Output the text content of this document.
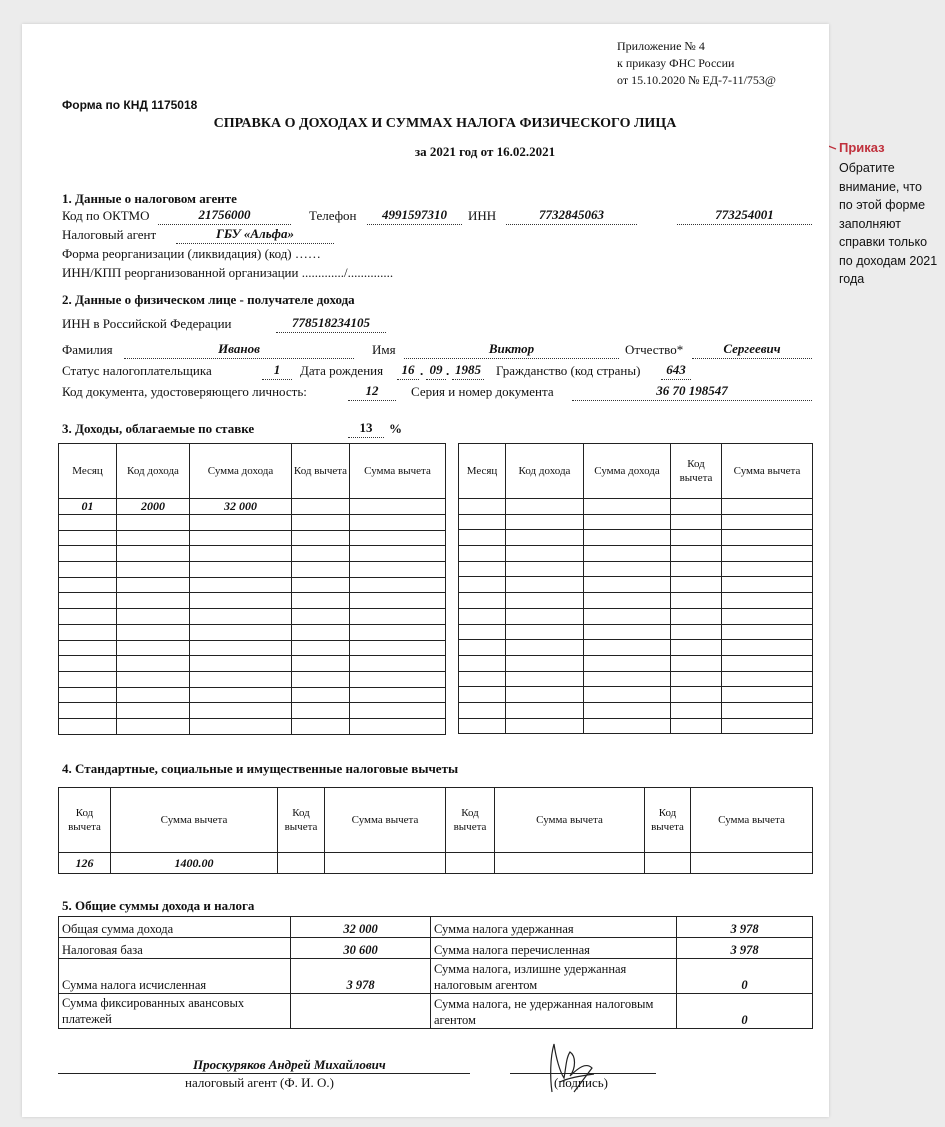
Приложение № 4
к приказу ФНС России
от 15.10.2020 № ЕД-7-11/753@
Форма по КНД 1175018
СПРАВКА О ДОХОДАХ И СУММАХ НАЛОГА ФИЗИЧЕСКОГО ЛИЦА
за 2021 год от 16.02.2021	Приказ
Обратите внимание, что по этой форме заполняют справки только по доходам 2021 года
1. Данные о налоговом агенте
Код по ОКТМО	21756000	Телефон	4991597310	ИНН	7732845063	773254001
Налоговый агент	ГБУ «Альфа»
Форма реорганизации (ликвидация) (код) ……
ИНН/КПП реорганизованной организации ............./..............
2. Данные о физическом лице - получателе дохода
ИНН в Российской Федерации	778518234105
Фамилия	Иванов	Имя	Виктор	Отчество*	Сергеевич
Статус налогоплательщика	1	Дата рождения	16 . 09 . 1985	Гражданство (код страны)	643
Код документа, удостоверяющего личность:	12	Серия и номер документа	36 70 198547
3. Доходы, облагаемые по ставке	13	%
Месяц	Код дохода	Сумма дохода	Код вычета	Сумма вычета
01	2000	32 000		

Месяц	Код дохода	Сумма дохода	Код вычета	Сумма вычета

4. Стандартные, социальные и имущественные налоговые вычеты
Код вычета	Сумма вычета	Код вычета	Сумма вычета	Код вычета	Сумма вычета	Код вычета	Сумма вычета
126	1400.00						
5. Общие суммы дохода и налога
Общая сумма дохода	32 000	Сумма налога удержанная	3 978
Налоговая база	30 600	Сумма налога перечисленная	3 978
Сумма налога исчисленная	3 978	Сумма налога, излишне удержанная налоговым агентом	0
Сумма фиксированных авансовых платежей		Сумма налога, не удержанная налоговым агентом	0
Проскуряков Андрей Михайлович
налоговый агент (Ф. И. О.)	(подпись)
